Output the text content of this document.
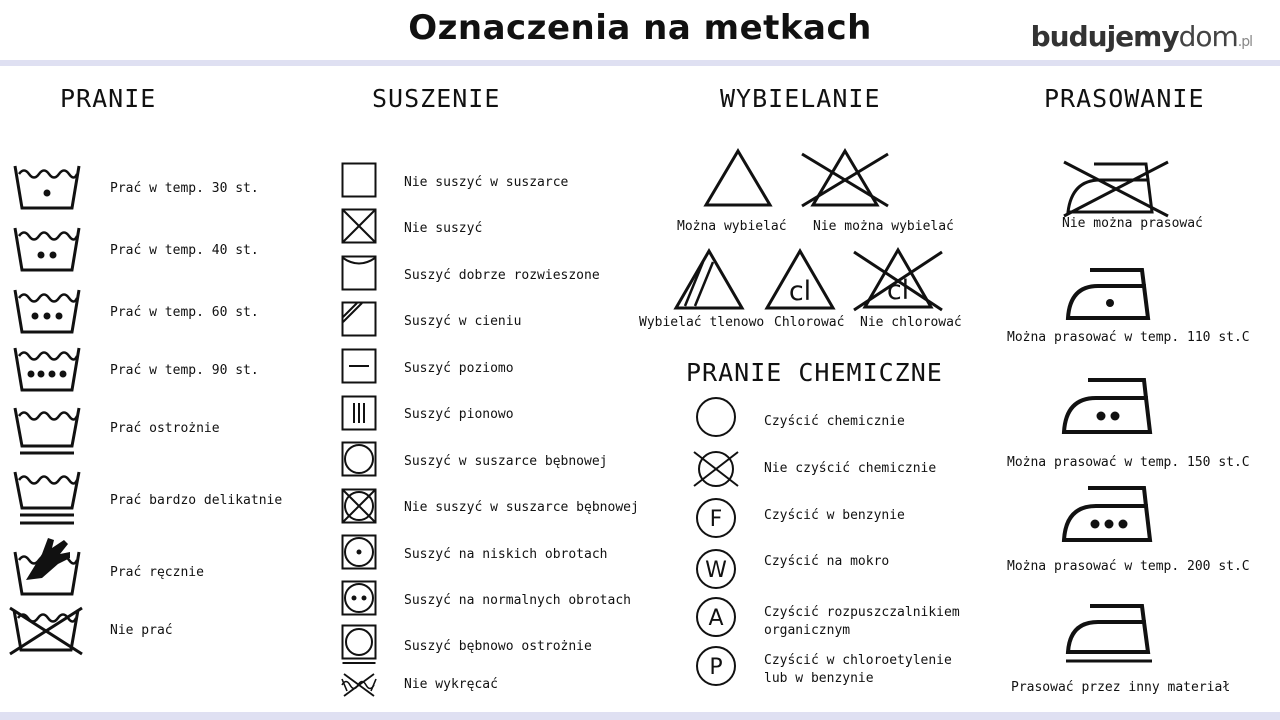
Oznaczenia na metkach	budujemydom.pl
PRANIE
Prać w temp. 30 st.
Prać w temp. 40 st.
Prać w temp. 60 st.
Prać w temp. 90 st.
Prać ostrożnie
Prać bardzo delikatnie
Prać ręcznie
Nie prać
SUSZENIE
Nie suszyć w suszarce
Nie suszyć
Suszyć dobrze rozwieszone
Suszyć w cieniu
Suszyć poziomo
Suszyć pionowo
Suszyć w suszarce bębnowej
Nie suszyć w suszarce bębnowej
Suszyć na niskich obrotach
Suszyć na normalnych obrotach
Suszyć bębnowo ostrożnie
Nie wykręcać
WYBIELANIE
Można wybielać Nie można wybielać
Wybielać tlenowo
cl
Chlorować
cl
Nie chlorować
PRANIE CHEMICZNE
Czyścić chemicznie
Nie czyścić chemicznie
F	Czyścić w benzynie
W	Czyścić na mokro
A	Czyścić rozpuszczalnikiem
organicznym
P	Czyścić w chloroetylenie
lub w benzynie
PRASOWANIE
Nie można prasować
Można prasować w temp. 110 st.C
Można prasować w temp. 150 st.C
Można prasować w temp. 200 st.C
Prasować przez inny materiał
